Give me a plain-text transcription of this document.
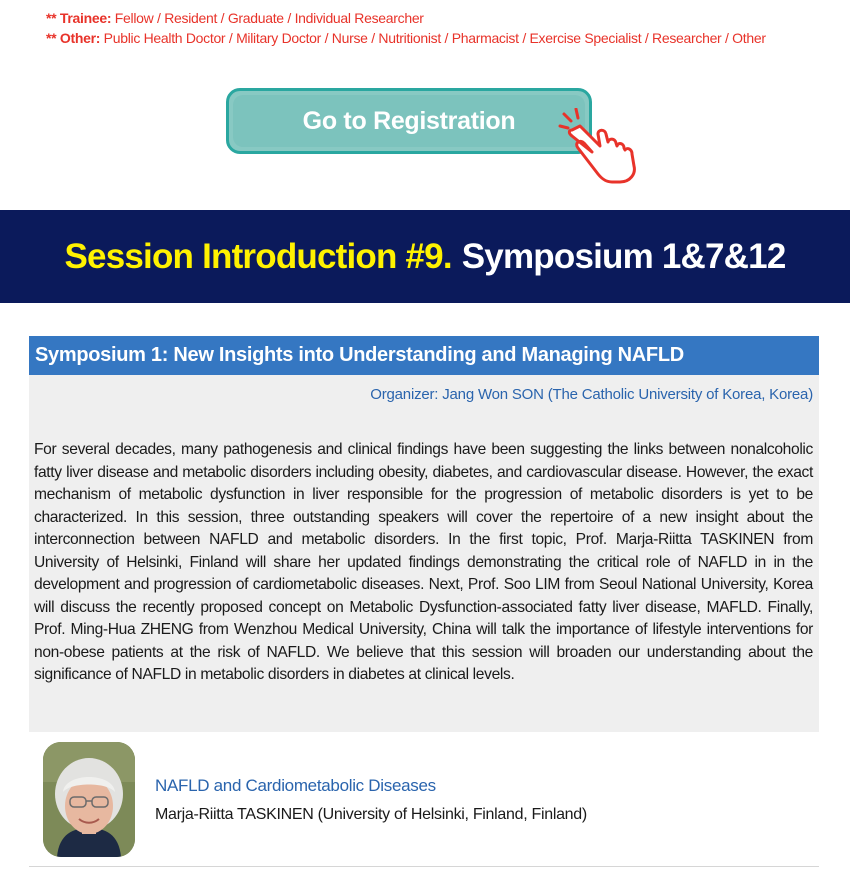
** Trainee: Fellow / Resident / Graduate / Individual Researcher
** Other: Public Health Doctor / Military Doctor / Nurse / Nutritionist / Pharmacist / Exercise Specialist / Researcher / Other
Go to Registration
Session Introduction #9. Symposium 1&7&12
Symposium 1: New Insights into Understanding and Managing NAFLD
Organizer: Jang Won SON (The Catholic University of Korea, Korea)
For several decades, many pathogenesis and clinical findings have been suggesting the links between nonalcoholic fatty liver disease and metabolic disorders including obesity, diabetes, and cardiovascular disease. However, the exact mechanism of metabolic dysfunction in liver responsible for the progression of metabolic disorders is yet to be characterized. In this session, three outstanding speakers will cover the repertoire of a new insight about the interconnection between NAFLD and metabolic disorders. In the first topic, Prof. Marja-Riitta TASKINEN from University of Helsinki, Finland will share her updated findings demonstrating the critical role of NAFLD in in the development and progression of cardiometabolic diseases. Next, Prof. Soo LIM from Seoul National University, Korea will discuss the recently proposed concept on Metabolic Dysfunction-associated fatty liver disease, MAFLD. Finally, Prof. Ming-Hua ZHENG from Wenzhou Medical University, China will talk the importance of lifestyle interventions for non-obese patients at the risk of NAFLD. We believe that this session will broaden our understanding about the significance of NAFLD in metabolic disorders in diabetes at clinical levels.
NAFLD and Cardiometabolic Diseases
Marja-Riitta TASKINEN (University of Helsinki, Finland, Finland)
